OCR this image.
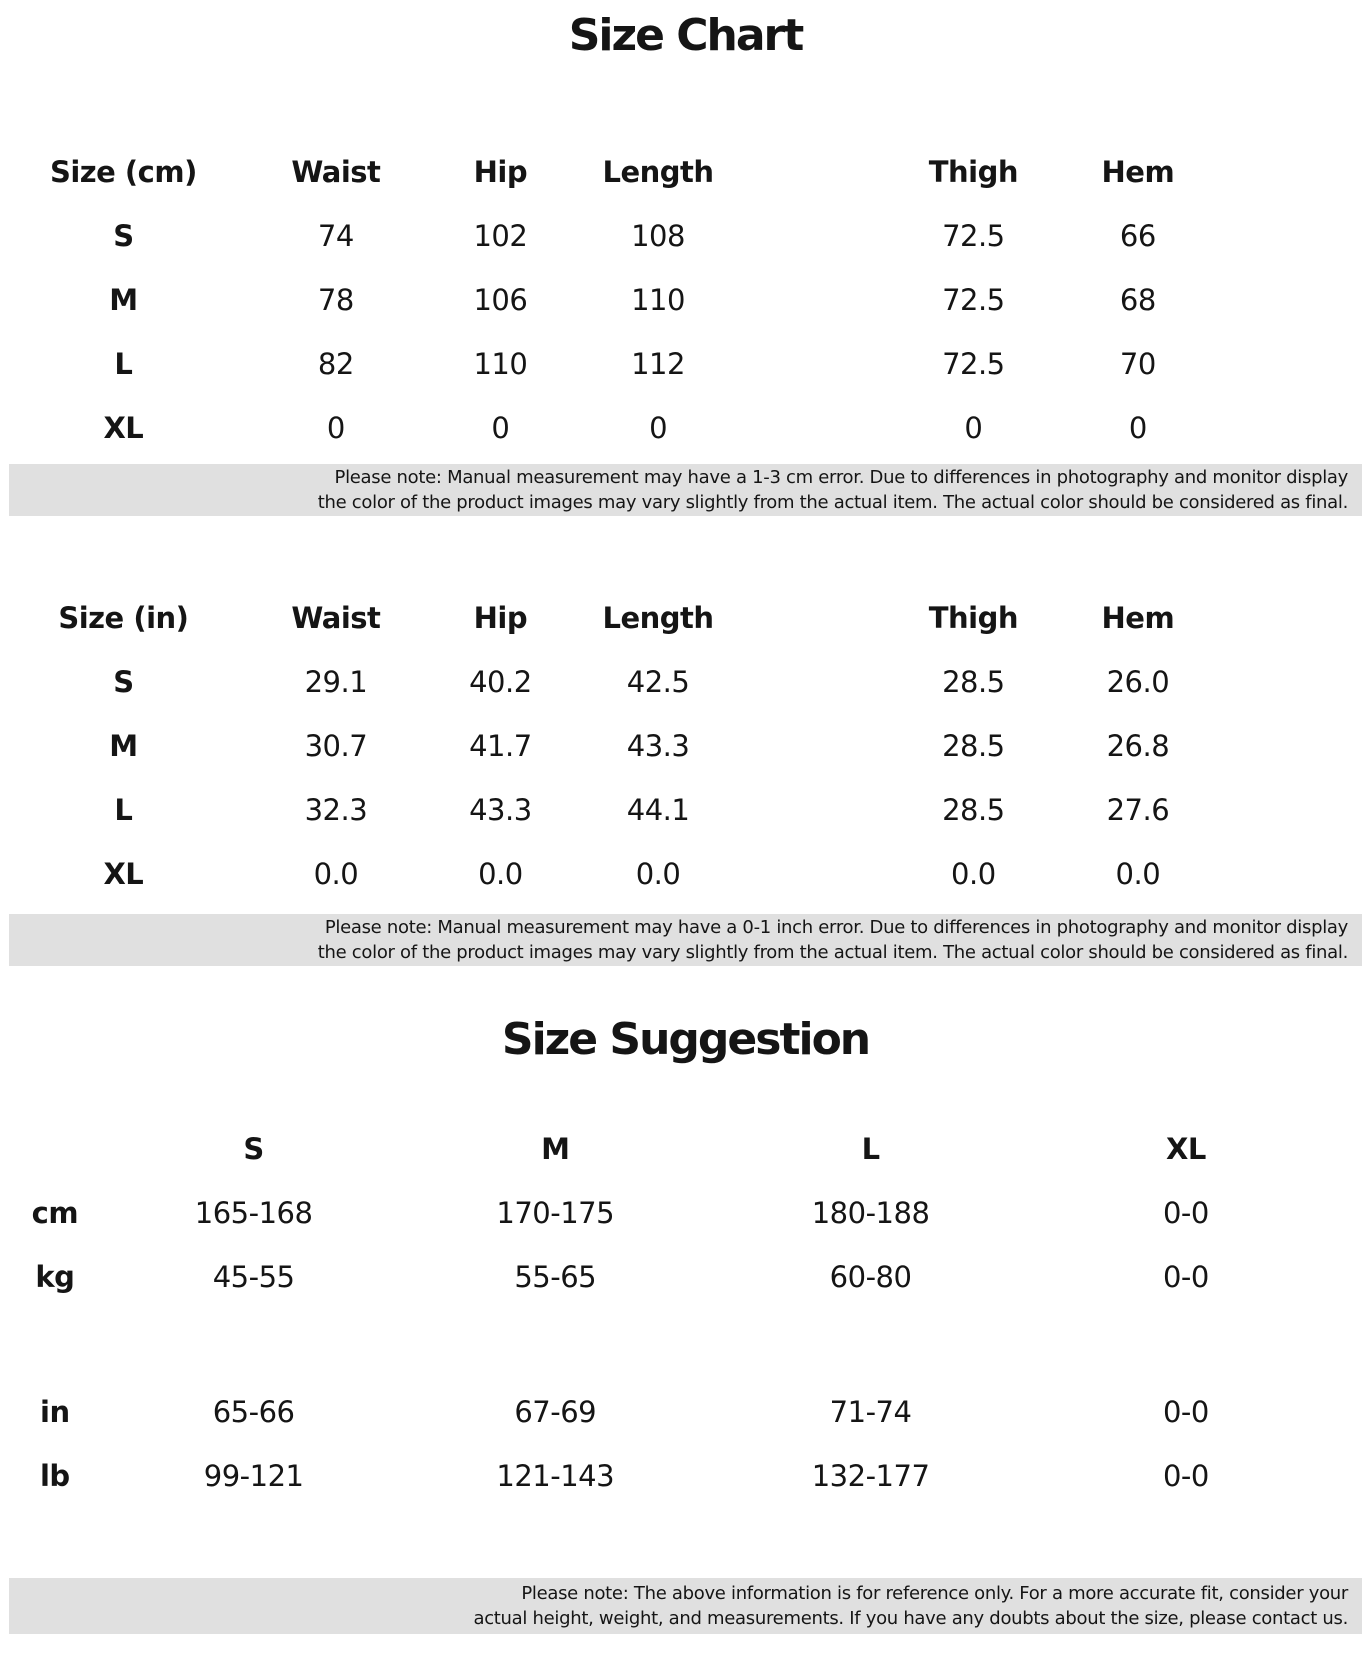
Size Chart
Size (cm)	Waist	Hip	Length	Thigh	Hem
S	74	102	108	72.5	66
M	78	106	110	72.5	68
L	82	110	112	72.5	70
XL	0	0	0	0	0
Please note: Manual measurement may have a 1-3 cm error. Due to differences in photography and monitor display
the color of the product images may vary slightly from the actual item. The actual color should be considered as final.
Size (in)	Waist	Hip	Length	Thigh	Hem
S	29.1	40.2	42.5	28.5	26.0
M	30.7	41.7	43.3	28.5	26.8
L	32.3	43.3	44.1	28.5	27.6
XL	0.0	0.0	0.0	0.0	0.0
Please note: Manual measurement may have a 0-1 inch error. Due to differences in photography and monitor display
the color of the product images may vary slightly from the actual item. The actual color should be considered as final.
Size Suggestion
S	M	L	XL
cm	165-168	170-175	180-188	0-0
kg	45-55	55-65	60-80	0-0
in	65-66	67-69	71-74	0-0
lb	99-121	121-143	132-177	0-0
Please note: The above information is for reference only. For a more accurate fit, consider your
actual height, weight, and measurements. If you have any doubts about the size, please contact us.
